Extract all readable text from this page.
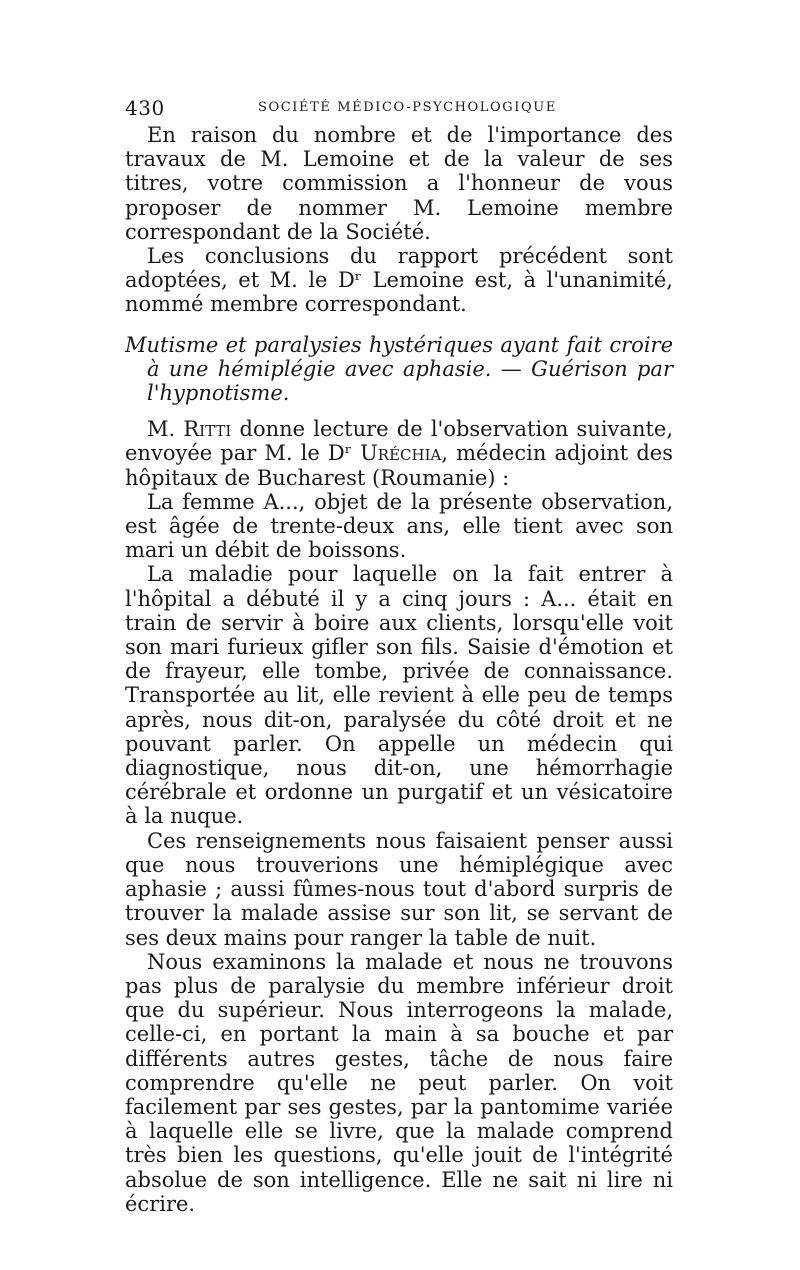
430	SOCIÉTÉ MÉDICO-PSYCHOLOGIQUE

En raison du nombre et de l'importance des travaux de M. Lemoine et de la valeur de ses titres, votre commission a l'honneur de vous proposer de nommer M. Lemoine membre correspondant de la Société.

Les conclusions du rapport précédent sont adoptées, et M. le Dʳ Lemoine est, à l'unanimité, nommé membre correspondant.

Mutisme et paralysies hystériques ayant fait croire à une hémiplégie avec aphasie. — Guérison par l'hypnotisme.

M. Ritti donne lecture de l'observation suivante, envoyée par M. le Dʳ Uréchia, médecin adjoint des hôpitaux de Bucharest (Roumanie) :

La femme A..., objet de la présente observation, est âgée de trente-deux ans, elle tient avec son mari un débit de boissons.

La maladie pour laquelle on la fait entrer à l'hôpital a débuté il y a cinq jours : A... était en train de servir à boire aux clients, lorsqu'elle voit son mari furieux gifler son fils. Saisie d'émotion et de frayeur, elle tombe, privée de connaissance. Transportée au lit, elle revient à elle peu de temps après, nous dit-on, paralysée du côté droit et ne pouvant parler. On appelle un médecin qui diagnostique, nous dit-on, une hémorrhagie cérébrale et ordonne un purgatif et un vésicatoire à la nuque.

Ces renseignements nous faisaient penser aussi que nous trouverions une hémiplégique avec aphasie ; aussi fûmes-nous tout d'abord surpris de trouver la malade assise sur son lit, se servant de ses deux mains pour ranger la table de nuit.

Nous examinons la malade et nous ne trouvons pas plus de paralysie du membre inférieur droit que du supérieur. Nous interrogeons la malade, celle-ci, en portant la main à sa bouche et par différents autres gestes, tâche de nous faire comprendre qu'elle ne peut parler. On voit facilement par ses gestes, par la pantomime variée à laquelle elle se livre, que la malade comprend très bien les questions, qu'elle jouit de l'intégrité absolue de son intelligence. Elle ne sait ni lire ni écrire.
